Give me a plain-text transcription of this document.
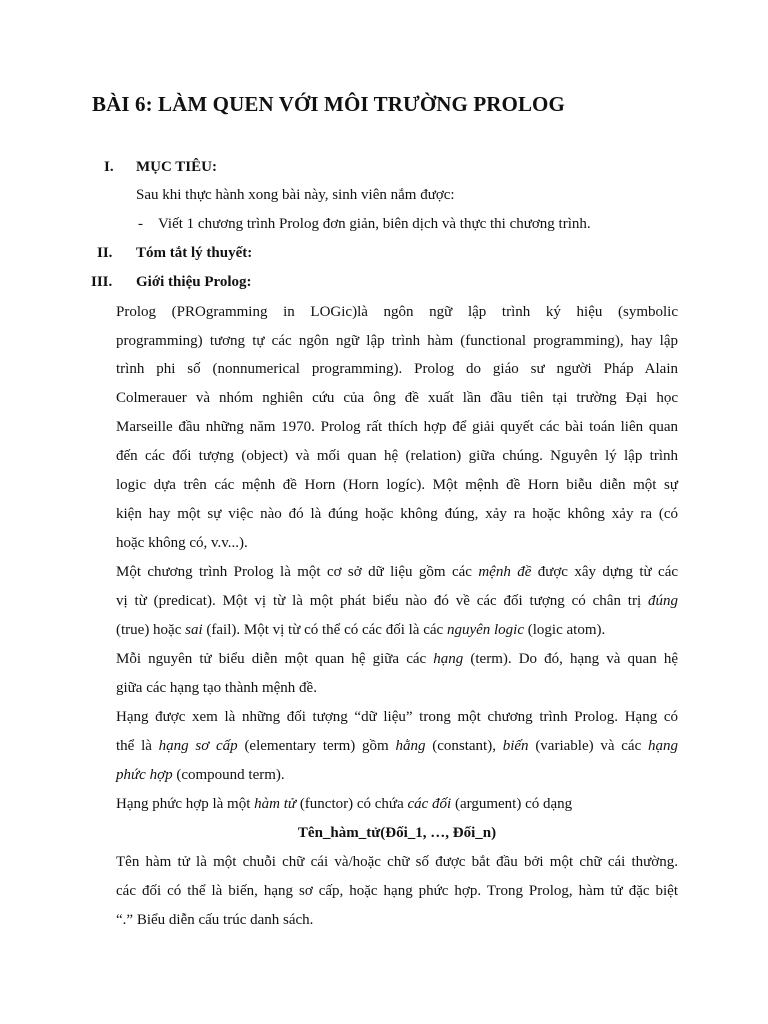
BÀI 6: LÀM QUEN VỚI MÔI TRƯỜNG PROLOG
I. MỤC TIÊU:
Sau khi thực hành xong bài này, sinh viên nắm được:
- Viết 1 chương trình Prolog đơn giản, biên dịch và thực thi chương trình.
II. Tóm tắt lý thuyết:
III. Giới thiệu Prolog:
Prolog (PROgramming in LOGic)là ngôn ngữ lập trình ký hiệu (symbolic
programming) tương tự các ngôn ngữ lập trình hàm (functional programming), hay lập
trình phi số (nonnumerical programming). Prolog do giáo sư người Pháp Alain
Colmerauer và nhóm nghiên cứu của ông đề xuất lần đầu tiên tại trường Đại học
Marseille đầu những năm 1970. Prolog rất thích hợp để giải quyết các bài toán liên quan
đến các đối tượng (object) và mối quan hệ (relation) giữa chúng. Nguyên lý lập trình
logic dựa trên các mệnh đề Horn (Horn logíc). Một mệnh đề Horn biễu diễn một sự
kiện hay một sự việc nào đó là đúng hoặc không đúng, xảy ra hoặc không xảy ra (có
hoặc không có, v.v...).
Một chương trình Prolog là một cơ sở dữ liệu gồm các mệnh đề được xây dựng từ các
vị từ (predicat). Một vị từ là một phát biểu nào đó về các đối tượng có chân trị đúng
(true) hoặc sai (fail). Một vị từ có thể có các đối là các nguyên logic (logic atom).
Mỗi nguyên tử biểu diễn một quan hệ giữa các hạng (term). Do đó, hạng và quan hệ
giữa các hạng tạo thành mệnh đề.
Hạng được xem là những đối tượng “dữ liệu” trong một chương trình Prolog. Hạng có
thể là hạng sơ cấp (elementary term) gồm hằng (constant), biến (variable) và các hạng
phức hợp (compound term).
Hạng phức hợp là một hàm tử (functor) có chứa các đối (argument) có dạng
Tên_hàm_tử(Đối_1, …, Đối_n)
Tên hàm tử là một chuỗi chữ cái và/hoặc chữ số được bắt đầu bởi một chữ cái thường.
các đối có thể là biến, hạng sơ cấp, hoặc hạng phức hợp. Trong Prolog, hàm tử đặc biệt
“.” Biểu diễn cấu trúc danh sách.
